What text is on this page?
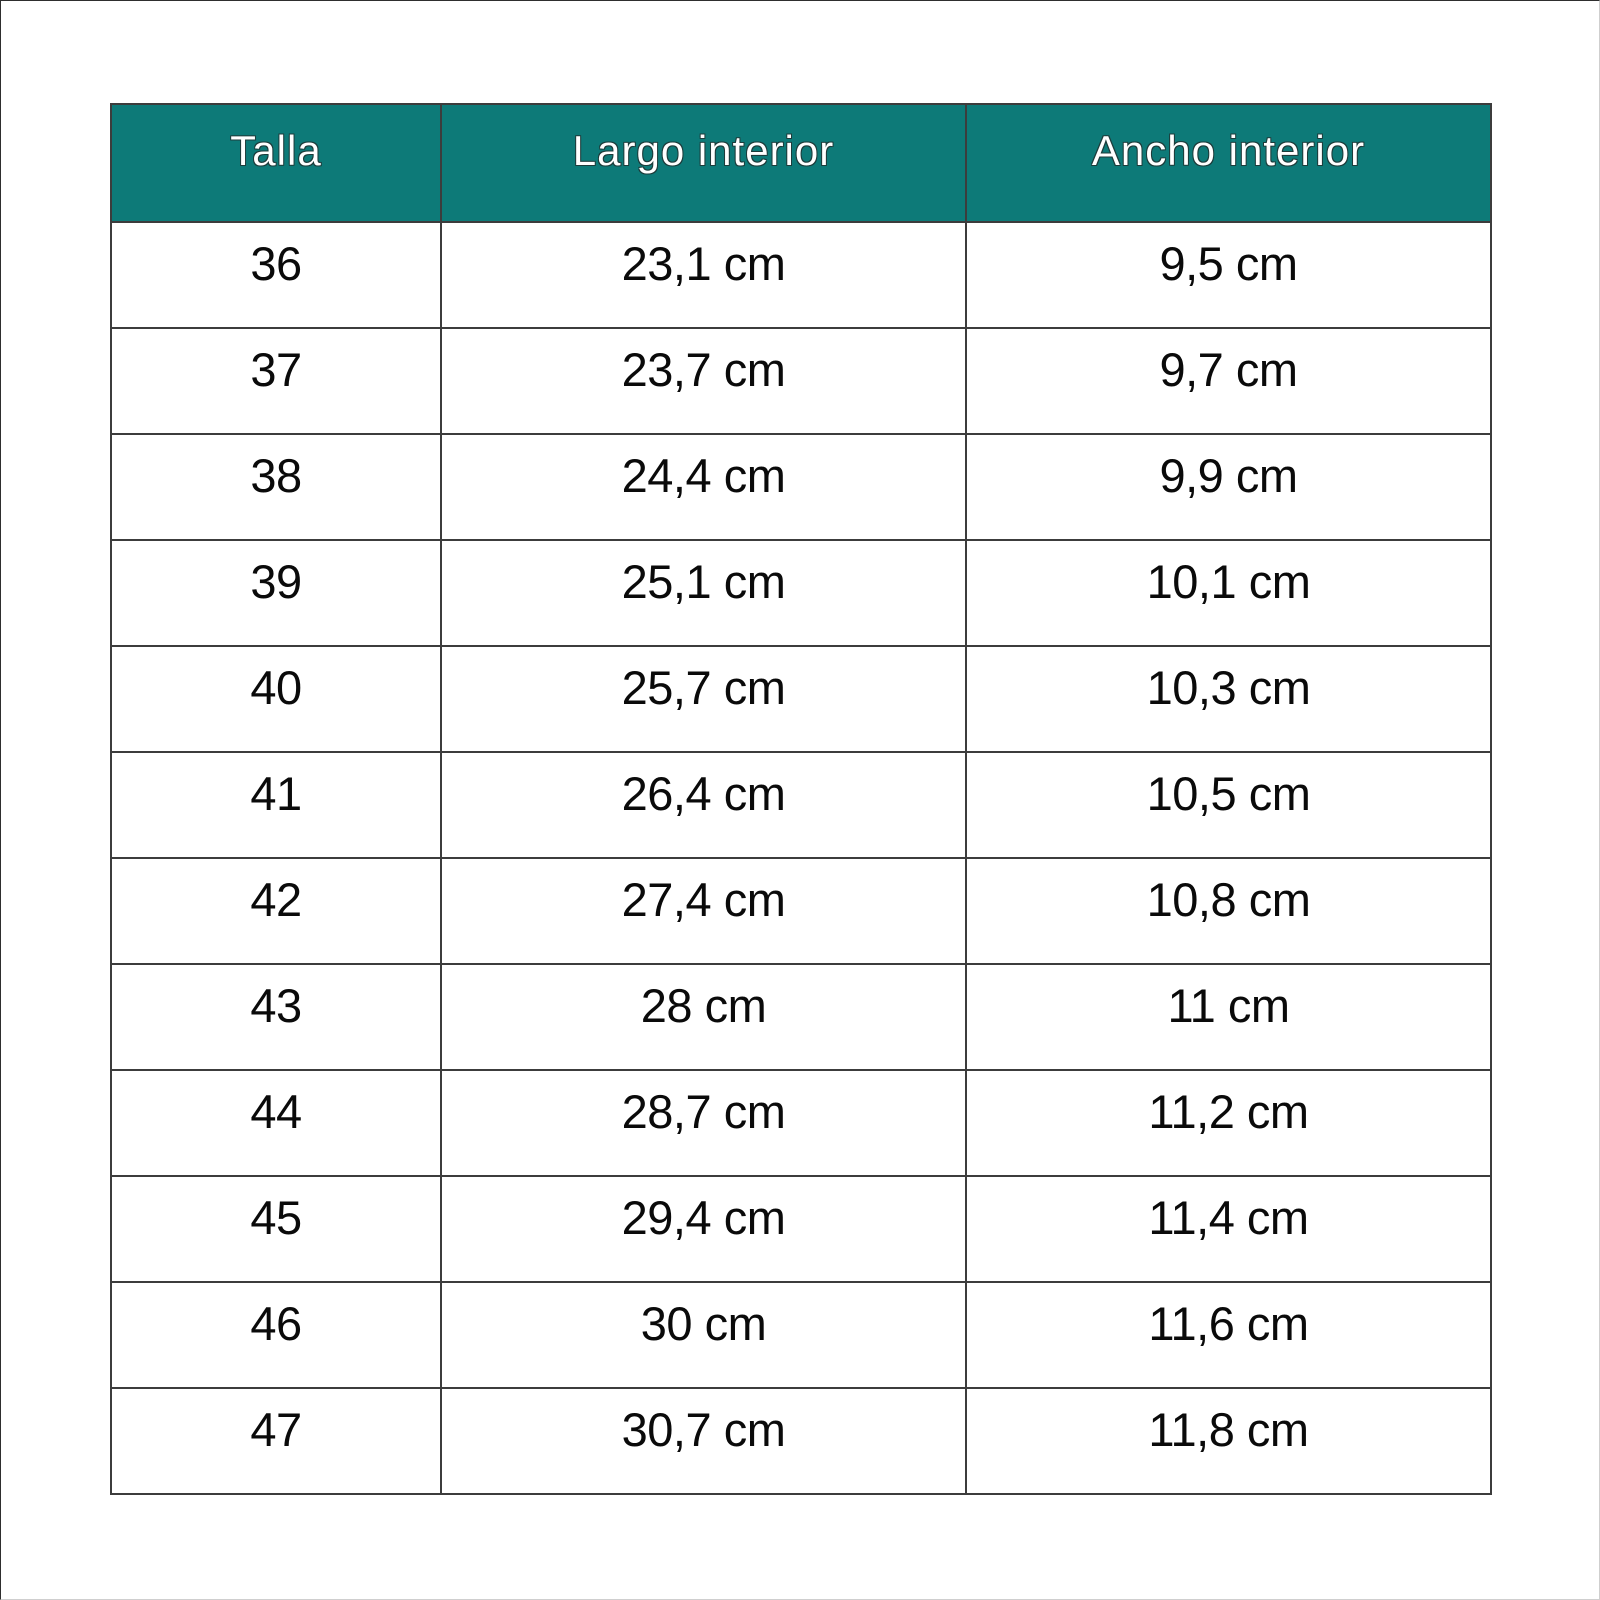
Talla	Largo interior	Ancho interior
36	23,1 cm	9,5 cm
37	23,7 cm	9,7 cm
38	24,4 cm	9,9 cm
39	25,1 cm	10,1 cm
40	25,7 cm	10,3 cm
41	26,4 cm	10,5 cm
42	27,4 cm	10,8 cm
43	28 cm	11 cm
44	28,7 cm	11,2 cm
45	29,4 cm	11,4 cm
46	30 cm	11,6 cm
47	30,7 cm	11,8 cm
